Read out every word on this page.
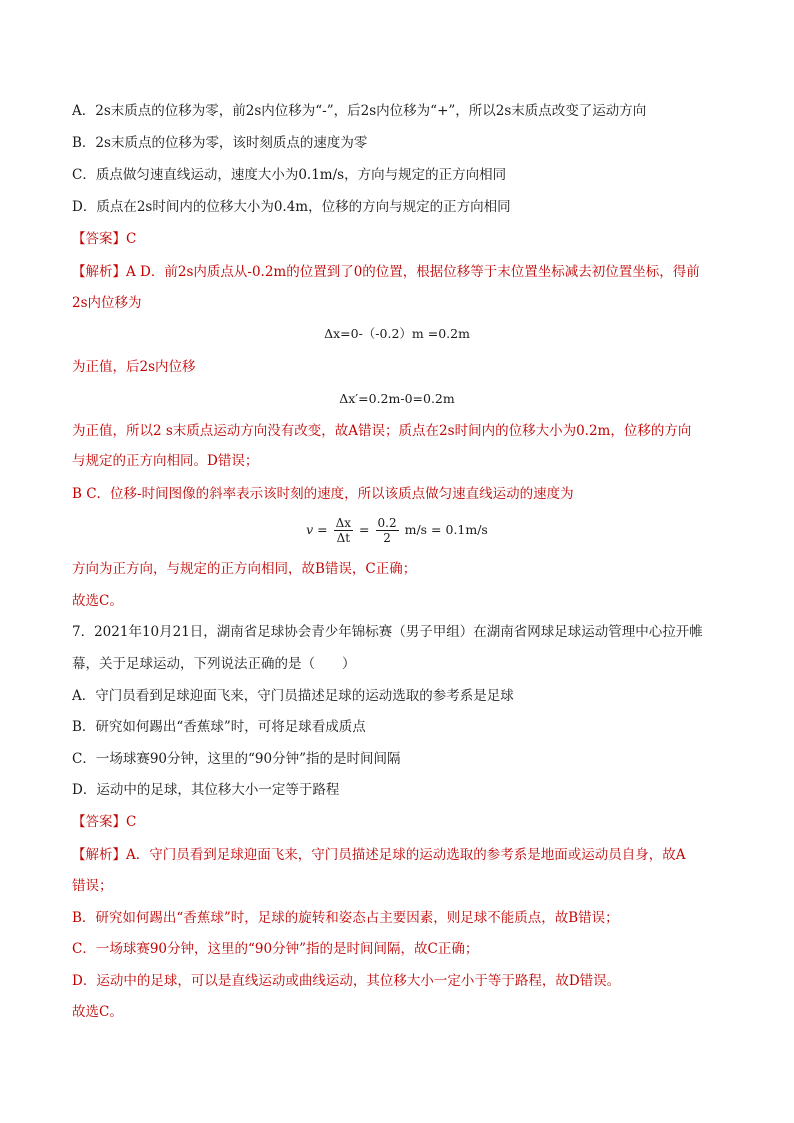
A．2s末质点的位移为零，前2s内位移为“-”，后2s内位移为“+”，所以2s末质点改变了运动方向
B．2s末质点的位移为零，该时刻质点的速度为零
C．质点做匀速直线运动，速度大小为0.1m/s，方向与规定的正方向相同
D．质点在2s时间内的位移大小为0.4m，位移的方向与规定的正方向相同
【答案】C
【解析】A D．前2s内质点从-0.2m的位置到了0的位置，根据位移等于末位置坐标减去初位置坐标，得前
2s内位移为
Δx=0-（-0.2）m =0.2m
为正值，后2s内位移
Δx′=0.2m-0=0.2m
为正值，所以2 s末质点运动方向没有改变，故A错误；质点在2s时间内的位移大小为0.2m，位移的方向
与规定的正方向相同。D错误；
B C．位移-时间图像的斜率表示该时刻的速度，所以该质点做匀速直线运动的速度为
$v = \frac{\Delta x}{\Delta t} = \frac{0.2}{2} m/s = 0.1m/s$
方向为正方向，与规定的正方向相同，故B错误，C正确；
故选C。
7．2021年10月21日，湖南省足球协会青少年锦标赛（男子甲组）在湖南省网球足球运动管理中心拉开帷
幕，关于足球运动，下列说法正确的是（　　）
A．守门员看到足球迎面飞来，守门员描述足球的运动选取的参考系是足球
B．研究如何踢出“香蕉球”时，可将足球看成质点
C．一场球赛90分钟，这里的“90分钟”指的是时间间隔
D．运动中的足球，其位移大小一定等于路程
【答案】C
【解析】A．守门员看到足球迎面飞来，守门员描述足球的运动选取的参考系是地面或运动员自身，故A
错误；
B．研究如何踢出“香蕉球”时，足球的旋转和姿态占主要因素，则足球不能质点，故B错误；
C．一场球赛90分钟，这里的“90分钟”指的是时间间隔，故C正确；
D．运动中的足球，可以是直线运动或曲线运动，其位移大小一定小于等于路程，故D错误。
故选C。
